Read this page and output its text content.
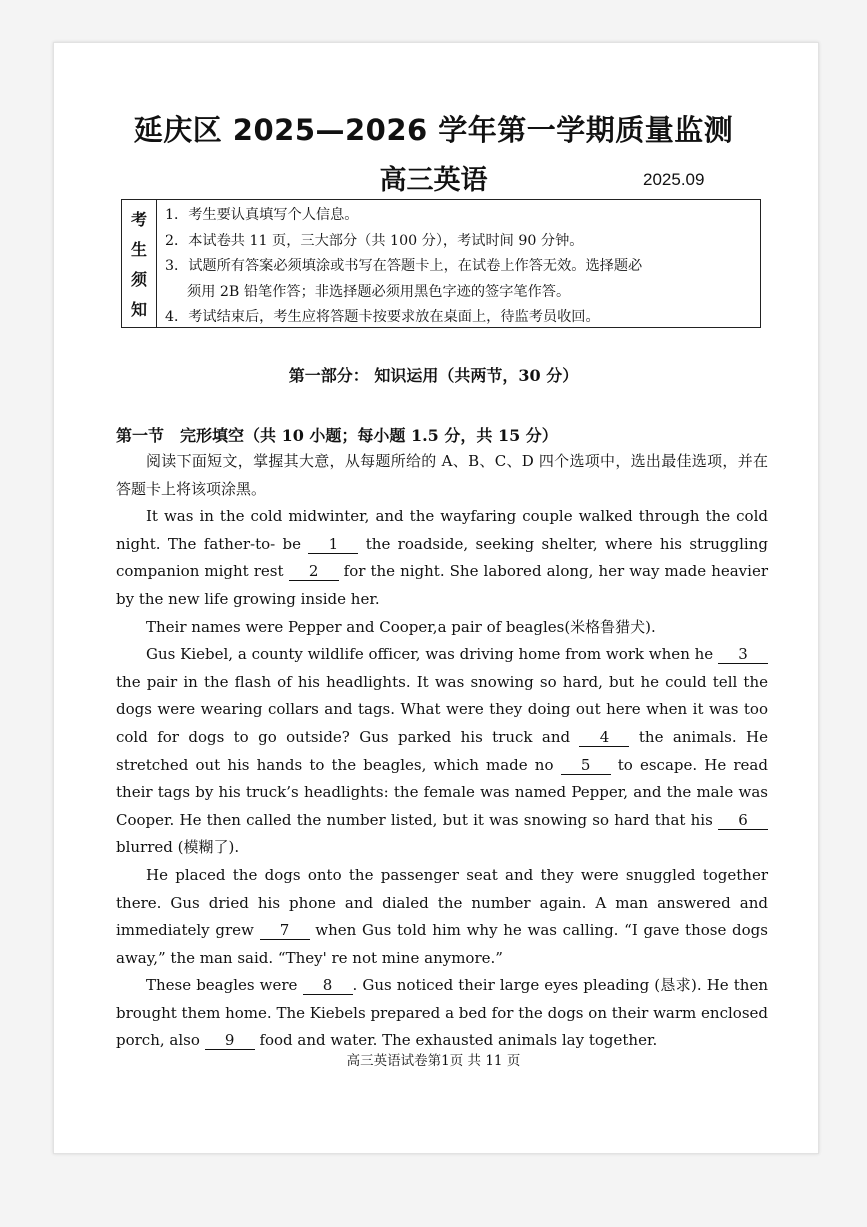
延庆区 2025—2026 学年第一学期质量监测
高三英语	2025.09
考
生
须
知
1．考生要认真填写个人信息。
2．本试卷共 11 页，三大部分（共 100 分），考试时间 90 分钟。
3．试题所有答案必须填涂或书写在答题卡上，在试卷上作答无效。选择题必
须用 2B 铅笔作答；非选择题必须用黑色字迹的签字笔作答。
4．考试结束后，考生应将答题卡按要求放在桌面上，待监考员收回。
第一部分： 知识运用（共两节，30 分）
第一节　完形填空（共 10 小题；每小题 1.5 分，共 15 分）

阅读下面短文，掌握其大意，从每题所给的 A、B、C、D 四个选项中，选出最佳选项，并在答题卡上将该项涂黑。

It was in the cold midwinter, and the wayfaring couple walked through the cold night. The father-to- be 1 the roadside, seeking shelter, where his struggling companion might rest 2 for the night. She labored along, her way made heavier by the new life growing inside her.

Their names were Pepper and Cooper,a pair of beagles(米格鲁猎犬).

Gus Kiebel, a county wildlife officer, was driving home from work when he 3 the pair in the flash of his headlights. It was snowing so hard, but he could tell the dogs were wearing collars and tags. What were they doing out here when it was too cold for dogs to go outside? Gus parked his truck and 4 the animals. He stretched out his hands to the beagles, which made no 5 to escape. He read their tags by his truck’s headlights: the female was named Pepper, and the male was Cooper. He then called the number listed, but it was snowing so hard that his 6 blurred (模糊了).

He placed the dogs onto the passenger seat and they were snuggled together there. Gus dried his phone and dialed the number again. A man answered and immediately grew 7 when Gus told him why he was calling. “I gave those dogs away,” the man said. “They' re not mine anymore.”

These beagles were 8 . Gus noticed their large eyes pleading (恳求). He then brought them home. The Kiebels prepared a bed for the dogs on their warm enclosed porch, also 9 food and water. The exhausted animals lay together.

高三英语试卷第1页 共 11 页
